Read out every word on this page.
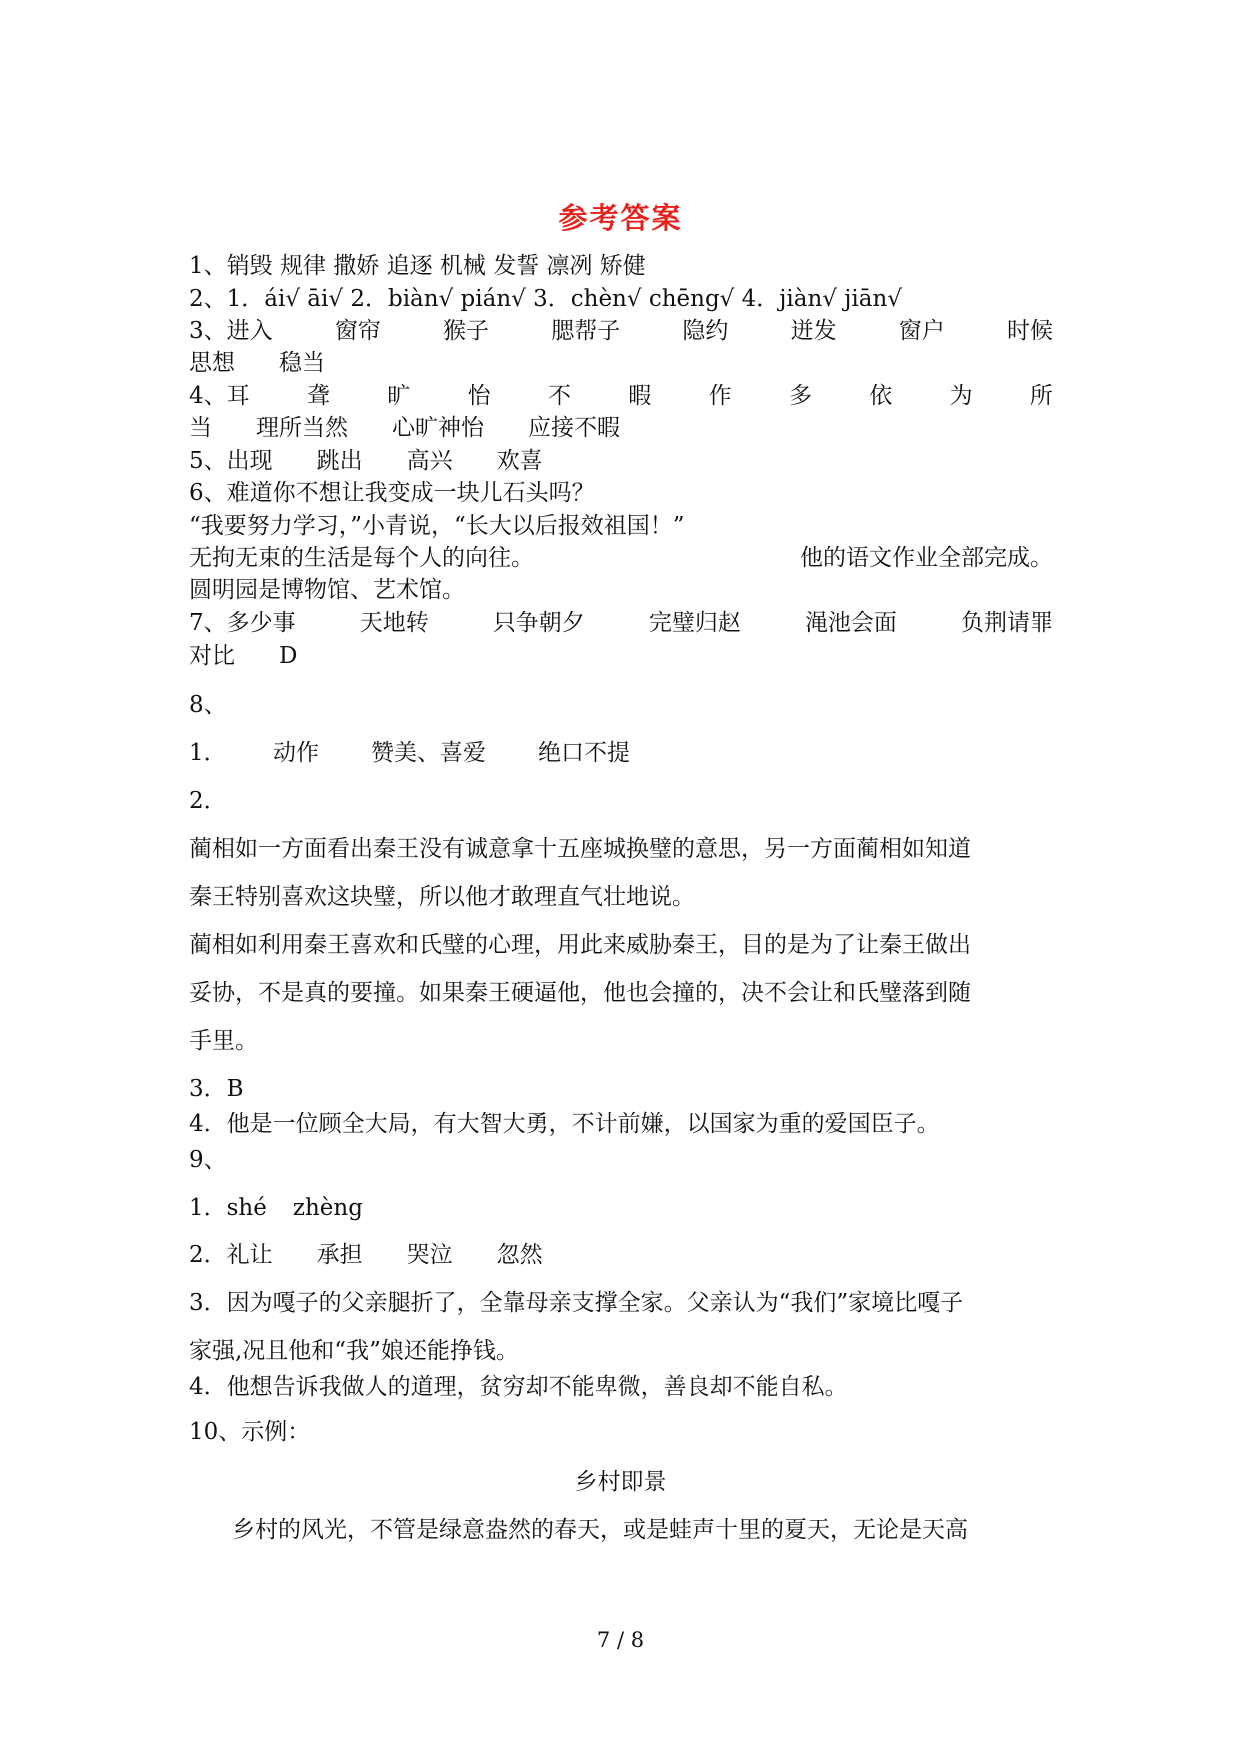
参考答案
1、销毁 规律 撒娇 追逐 机械 发誓 凛冽 矫健
2、1．ái√ āi√ 2．biàn√ pián√ 3．chèn√ chēng√ 4．jiàn√ jiān√
3、进入	窗帘	猴子	腮帮子	隐约	迸发	窗户	时候
思想 稳当
4、耳 聋 旷 怡 不 暇 作 多 依 为 所
当 理所当然 心旷神怡 应接不暇
5、出现 跳出 高兴 欢喜
6、难道你不想让我变成一块儿石头吗？
“我要努力学习，”小青说，“长大以后报效祖国！”
无拘无束的生活是每个人的向往。	他的语文作业全部完成。
圆明园是博物馆、艺术馆。
7、多少事	天地转	只争朝夕	完璧归赵	渑池会面	负荆请罪
对比 D
8、
1． 动作 赞美、喜爱 绝口不提
2．
蔺相如一方面看出秦王没有诚意拿十五座城换璧的意思，另一方面蔺相如知道
秦王特别喜欢这块璧，所以他才敢理直气壮地说。
蔺相如利用秦王喜欢和氏璧的心理，用此来威胁秦王，目的是为了让秦王做出
妥协，不是真的要撞。如果秦王硬逼他，他也会撞的，决不会让和氏璧落到随
手里。
3．B
4．他是一位顾全大局，有大智大勇，不计前嫌，以国家为重的爱国臣子。
9、
1．shé zhèng
2．礼让 承担 哭泣 忽然
3．因为嘎子的父亲腿折了，全靠母亲支撑全家。父亲认为“我们”家境比嘎子
家强,况且他和“我”娘还能挣钱。
4．他想告诉我做人的道理，贫穷却不能卑微，善良却不能自私。
10、示例：
乡村即景
乡村的风光，不管是绿意盎然的春天，或是蛙声十里的夏天，无论是天高
7 / 8
